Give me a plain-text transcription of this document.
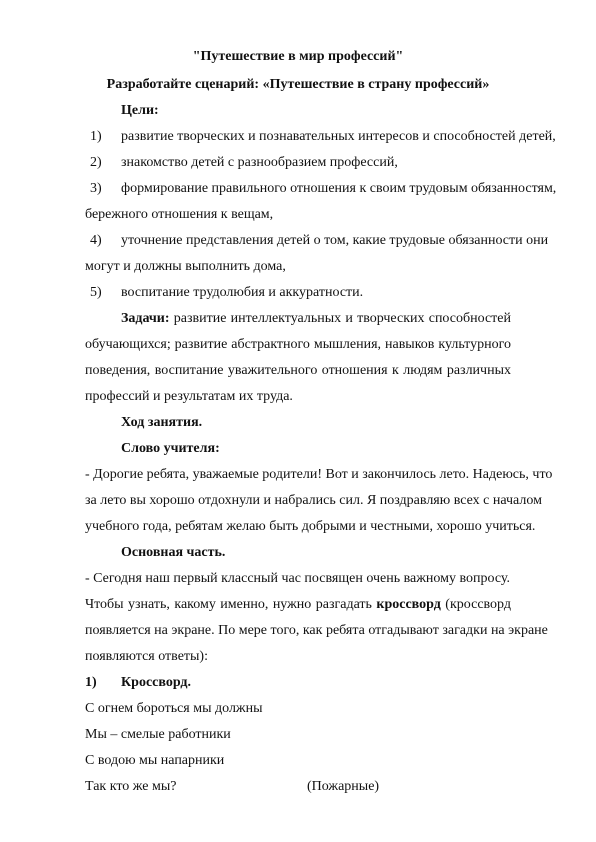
"Путешествие в мир профессий"
Разработайте сценарий: «Путешествие в страну профессий»
Цели:
1) развитие творческих и познавательных интересов и способностей детей,
2) знакомство детей с разнообразием профессий,
3) формирование правильного отношения к своим трудовым обязанностям,
бережного отношения к вещам,
4) уточнение представления детей о том, какие трудовые обязанности они
могут и должны выполнить дома,
5) воспитание трудолюбия и аккуратности.
Задачи: развитие интеллектуальных и творческих способностей
обучающихся; развитие абстрактного мышления, навыков культурного
поведения, воспитание уважительного отношения к людям различных
профессий и результатам их труда.
Ход занятия.
Слово учителя:
- Дорогие ребята, уважаемые родители! Вот и закончилось лето. Надеюсь, что
за лето вы хорошо отдохнули и набрались сил. Я поздравляю всех с началом
учебного года, ребятам желаю быть добрыми и честными, хорошо учиться.
Основная часть.
- Сегодня наш первый классный час посвящен очень важному вопросу.
Чтобы узнать, какому именно, нужно разгадать кроссворд (кроссворд
появляется на экране. По мере того, как ребята отгадывают загадки на экране
появляются ответы):
1) Кроссворд.
С огнем бороться мы должны
Мы – смелые работники
С водою мы напарники
Так кто же мы?	(Пожарные)
